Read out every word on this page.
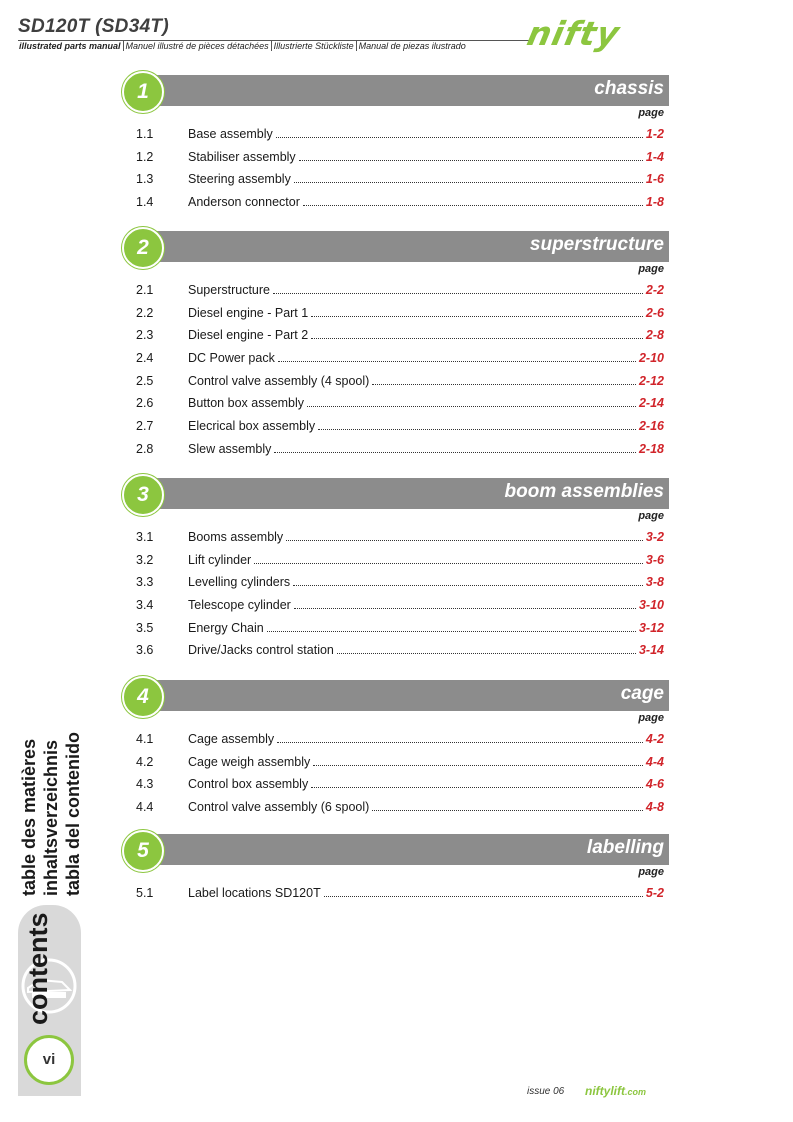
SD120T (SD34T)
illustrated parts manual Manuel illustré de pièces détachées Illustrierte Stückliste Manual de piezas ilustrado nifty
chassis
1
page
1.1	Base assembly	1-2
1.2	Stabiliser assembly	1-4
1.3	Steering assembly	1-6
1.4	Anderson connector	1-8
superstructure
2
page
2.1	Superstructure	2-2
2.2	Diesel engine - Part 1	2-6
2.3	Diesel engine - Part 2	2-8
2.4	DC Power pack	2-10
2.5	Control valve assembly (4 spool)	2-12
2.6	Button box assembly	2-14
2.7	Elecrical box assembly	2-16
2.8	Slew assembly	2-18
boom assemblies
3
page
3.1	Booms assembly	3-2
3.2	Lift cylinder	3-6
3.3	Levelling cylinders	3-8
3.4	Telescope cylinder	3-10
3.5	Energy Chain	3-12
3.6	Drive/Jacks control station	3-14
cage
4
page
4.1	Cage assembly	4-2
4.2	Cage weigh assembly	4-4
4.3	Control box assembly	4-6
4.4	Control valve assembly (6 spool)	4-8
labelling
5
page
5.1	Label locations SD120T	5-2
table des matières inhaltsverzeichnis tabla del contenido
contents
vi
issue 06 niftylift.com
